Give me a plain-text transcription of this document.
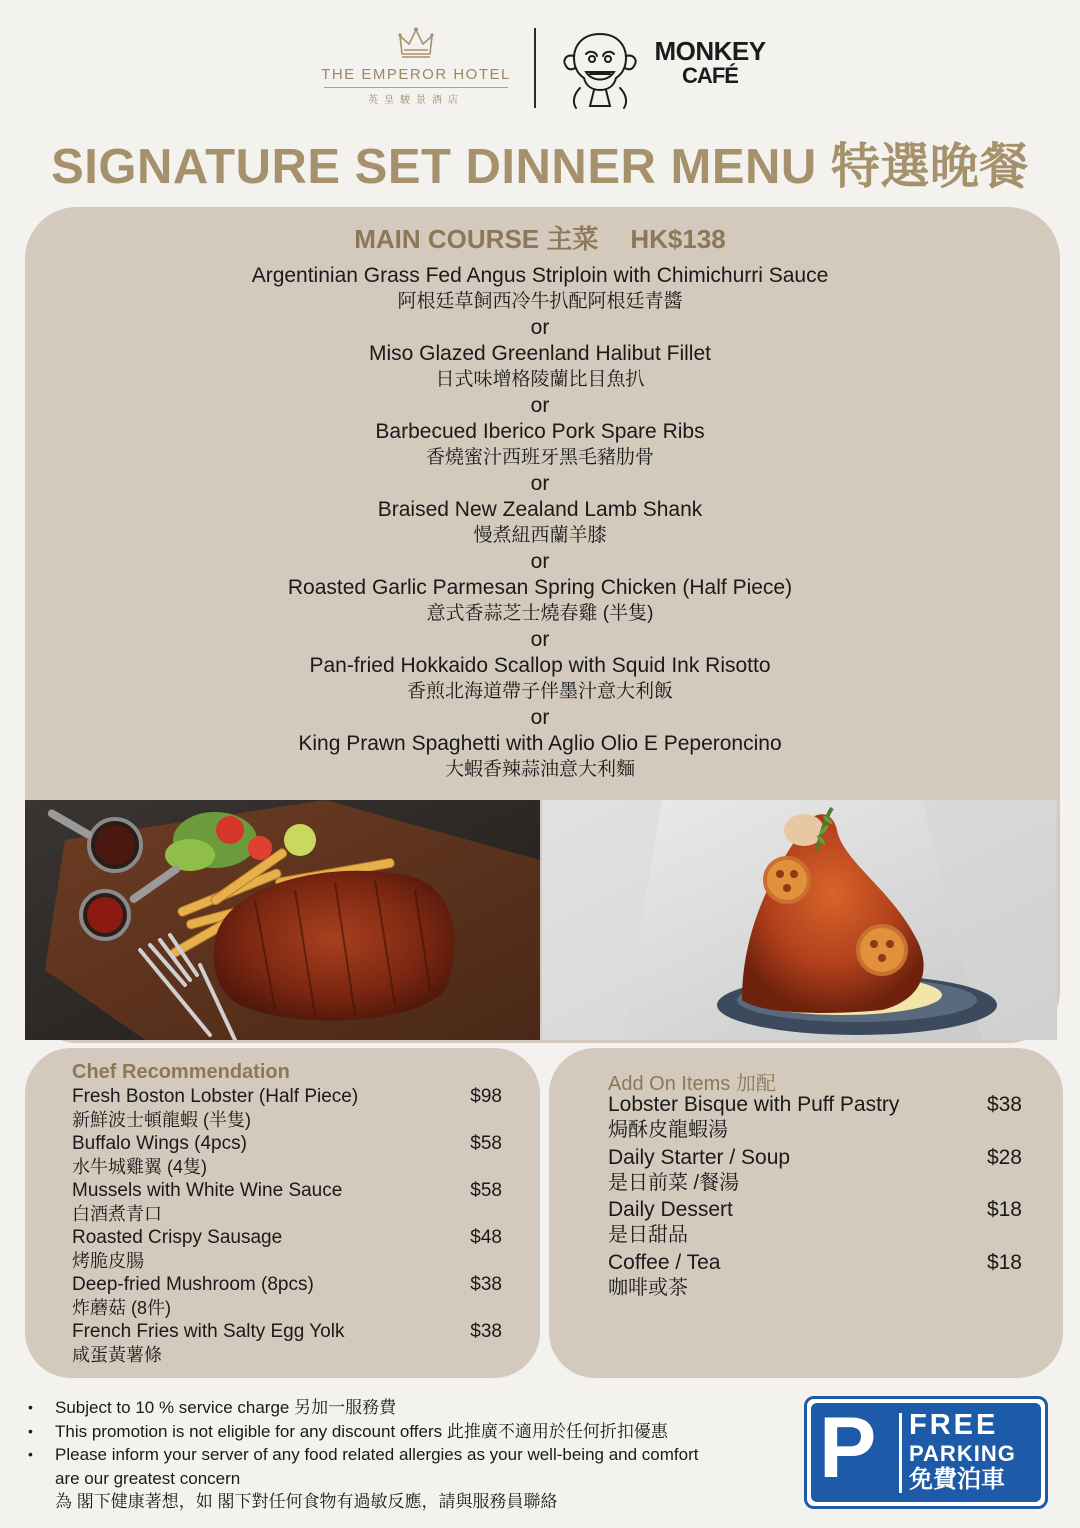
THE EMPEROR HOTEL
英皇駿景酒店
MONKEY
CAFÉ
SIGNATURE SET DINNER MENU 特選晚餐
MAIN COURSE 主菜 HK$138
Argentinian Grass Fed Angus Striploin with Chimichurri Sauce
阿根廷草飼西冷牛扒配阿根廷青醬
or
Miso Glazed Greenland Halibut Fillet
日式味增格陵蘭比目魚扒
or
Barbecued Iberico Pork Spare Ribs
香燒蜜汁西班牙黑毛豬肋骨
or
Braised New Zealand Lamb Shank
慢煮紐西蘭羊膝
or
Roasted Garlic Parmesan Spring Chicken (Half Piece)
意式香蒜芝士燒春雞 (半隻)
or
Pan-fried Hokkaido Scallop with Squid Ink Risotto
香煎北海道帶子伴墨汁意大利飯
or
King Prawn Spaghetti with Aglio Olio E Peperoncino
大蝦香辣蒜油意大利麵
Chef Recommendation
Fresh Boston Lobster (Half Piece)
新鮮波士頓龍蝦 (半隻)
$98
Buffalo Wings (4pcs)
水牛城雞翼 (4隻)
$58
Mussels with White Wine Sauce
白酒煮青口
$58
Roasted Crispy Sausage
烤脆皮腸
$48
Deep-fried Mushroom (8pcs)
炸蘑菇 (8件)
$38
French Fries with Salty Egg Yolk
咸蛋黃薯條
$38
Add On Items 加配
Lobster Bisque with Puff Pastry
焗酥皮龍蝦湯
$38
Daily Starter / Soup
是日前菜 /餐湯
$28
Daily Dessert
是日甜品
$18
Coffee / Tea
咖啡或茶
$18
• Subject to 10 % service charge 另加一服務費
• This promotion is not eligible for any discount offers 此推廣不適用於任何折扣優惠
• Please inform your server of any food related allergies as your well-being and comfort
are our greatest concern
為 閣下健康著想，如 閣下對任何食物有過敏反應，請與服務員聯絡
P FREE
PARKING
免費泊車
